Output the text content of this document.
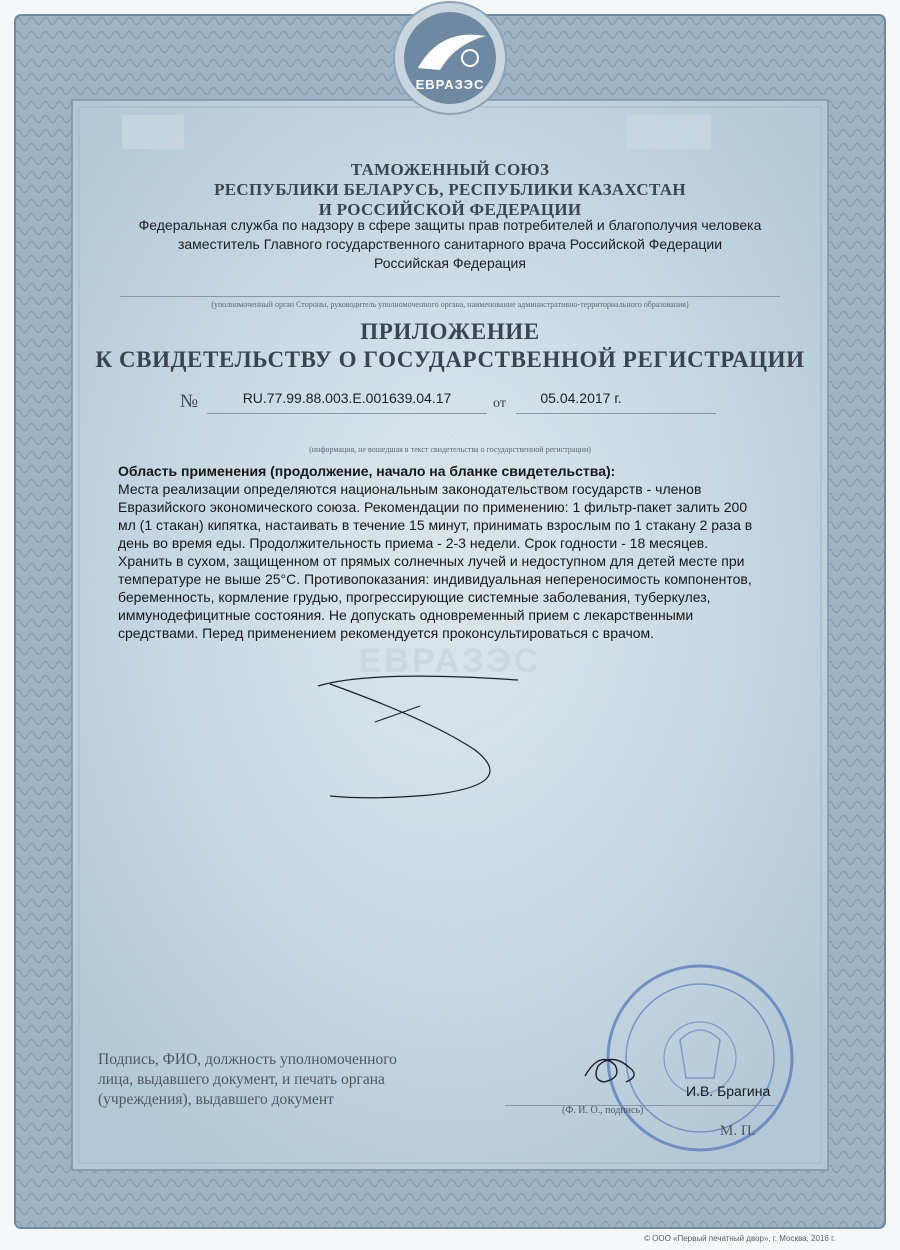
ЕВРАЗЭС
ЕВРАЗЭС
ТАМОЖЕННЫЙ СОЮЗ
РЕСПУБЛИКИ БЕЛАРУСЬ, РЕСПУБЛИКИ КАЗАХСТАН
И РОССИЙСКОЙ ФЕДЕРАЦИИ
Федеральная служба по надзору в сфере защиты прав потребителей и благополучия человека
заместитель Главного государственного санитарного врача Российской Федерации
Российская Федерация
(уполномоченный орган Стороны, руководитель уполномоченного органа, наименование административно-территориального образования)
ПРИЛОЖЕНИЕ
К СВИДЕТЕЛЬСТВУ О ГОСУДАРСТВЕННОЙ РЕГИСТРАЦИИ
№	RU.77.99.88.003.E.001639.04.17	от	05.04.2017 г.
(информация, не вошедшая в текст свидетельства о государственной регистрации)
Область применения (продолжение, начало на бланке свидетельства):
Места реализации определяются национальным законодательством государств - членов
Евразийского экономического союза. Рекомендации по применению: 1 фильтр-пакет залить 200
мл (1 стакан) кипятка, настаивать в течение 15 минут, принимать взрослым по 1 стакану 2 раза в
день во время еды. Продолжительность приема - 2-3 недели. Срок годности - 18 месяцев.
Хранить в сухом, защищенном от прямых солнечных лучей и недоступном для детей месте при
температуре не выше 25°С. Противопоказания: индивидуальная непереносимость компонентов,
беременность, кормление грудью, прогрессирующие системные заболевания, туберкулез,
иммунодефицитные состояния. Не допускать одновременный прием с лекарственными
средствами. Перед применением рекомендуется проконсультироваться с врачом.
Подпись, ФИО, должность уполномоченного
лица, выдавшего документ, и печать органа
(учреждения), выдавшего документ	И.В. Брагина
(Ф. И. О., подпись)
М. П.
© ООО «Первый печатный двор», г. Москва, 2016 г.
